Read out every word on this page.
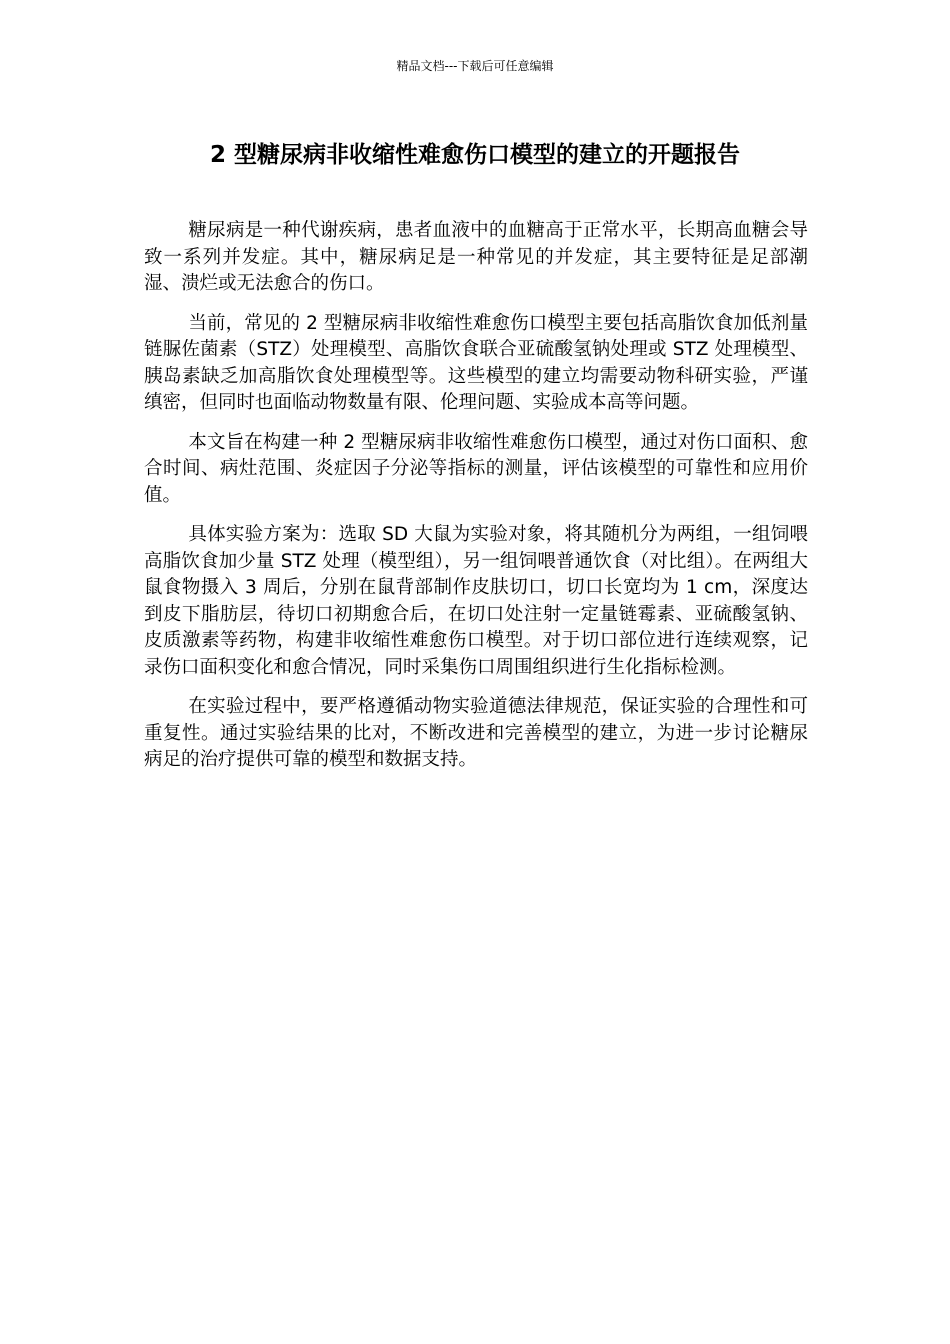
精品文档---下载后可任意编辑
2 型糖尿病非收缩性难愈伤口模型的建立的开题报告

糖尿病是一种代谢疾病，患者血液中的血糖高于正常水平，长期高血糖会导致一系列并发症。其中，糖尿病足是一种常见的并发症，其主要特征是足部潮湿、溃烂或无法愈合的伤口。

当前，常见的 2 型糖尿病非收缩性难愈伤口模型主要包括高脂饮食加低剂量链脲佐菌素（STZ）处理模型、高脂饮食联合亚硫酸氢钠处理或 STZ 处理模型、胰岛素缺乏加高脂饮食处理模型等。这些模型的建立均需要动物科研实验，严谨缜密，但同时也面临动物数量有限、伦理问题、实验成本高等问题。

本文旨在构建一种 2 型糖尿病非收缩性难愈伤口模型，通过对伤口面积、愈合时间、病灶范围、炎症因子分泌等指标的测量，评估该模型的可靠性和应用价值。

具体实验方案为：选取 SD 大鼠为实验对象，将其随机分为两组，一组饲喂高脂饮食加少量 STZ 处理（模型组），另一组饲喂普通饮食（对比组）。在两组大鼠食物摄入 3 周后，分别在鼠背部制作皮肤切口，切口长宽均为 1 cm，深度达到皮下脂肪层，待切口初期愈合后，在切口处注射一定量链霉素、亚硫酸氢钠、皮质激素等药物，构建非收缩性难愈伤口模型。对于切口部位进行连续观察，记录伤口面积变化和愈合情况，同时采集伤口周围组织进行生化指标检测。

在实验过程中，要严格遵循动物实验道德法律规范，保证实验的合理性和可重复性。通过实验结果的比对，不断改进和完善模型的建立，为进一步讨论糖尿病足的治疗提供可靠的模型和数据支持。
